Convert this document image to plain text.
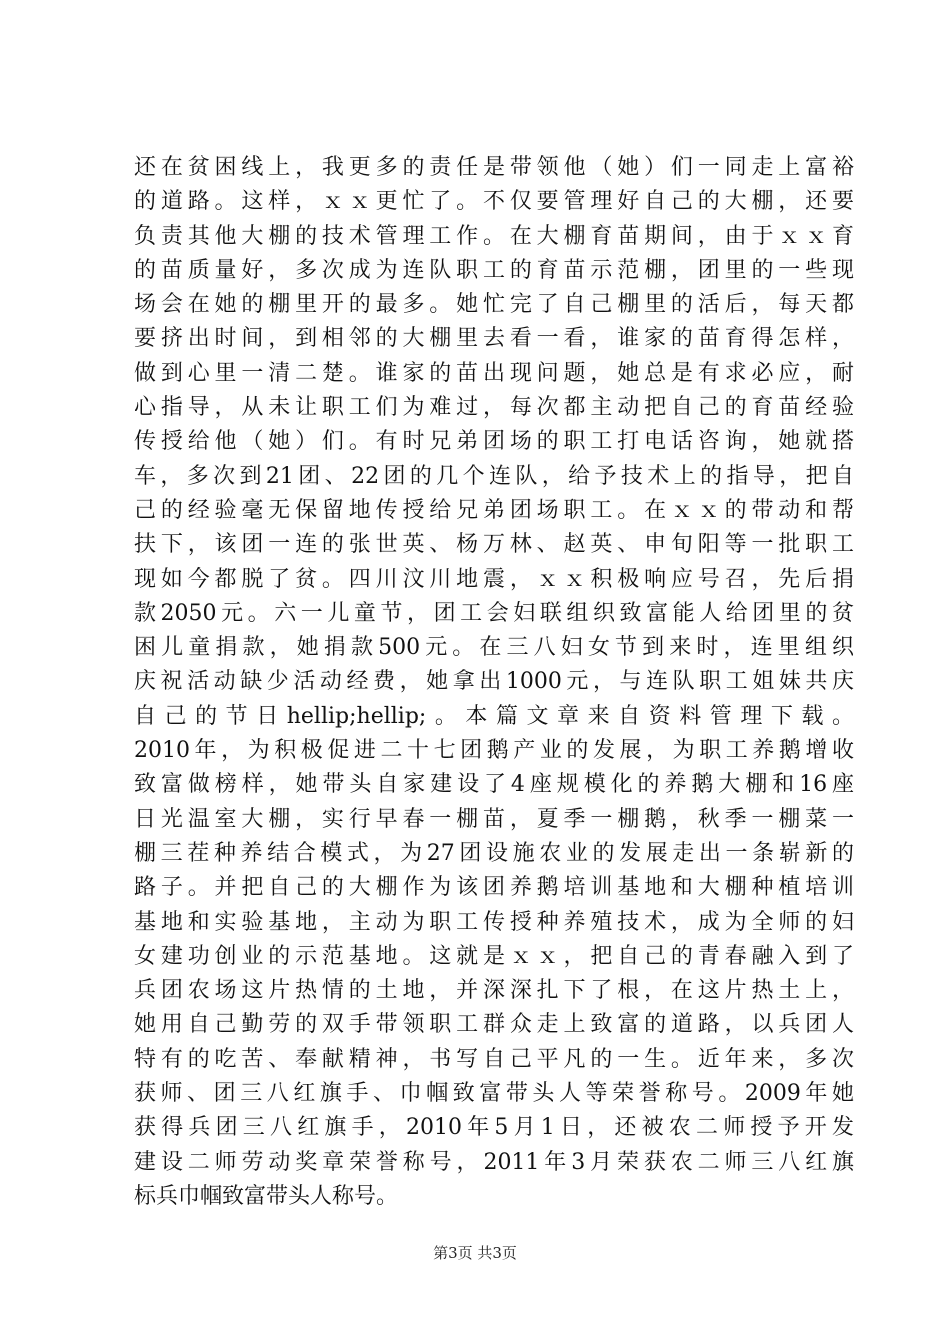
还在贫困线上，我更多的责任是带领他（她）们一同走上富裕
的道路。这样，ｘｘ更忙了。不仅要管理好自己的大棚，还要
负责其他大棚的技术管理工作。在大棚育苗期间，由于ｘｘ育
的苗质量好，多次成为连队职工的育苗示范棚，团里的一些现
场会在她的棚里开的最多。她忙完了自己棚里的活后，每天都
要挤出时间，到相邻的大棚里去看一看，谁家的苗育得怎样，
做到心里一清二楚。谁家的苗出现问题，她总是有求必应，耐
心指导，从未让职工们为难过，每次都主动把自己的育苗经验
传授给他（她）们。有时兄弟团场的职工打电话咨询，她就搭
车，多次到21团、22团的几个连队，给予技术上的指导，把自
己的经验毫无保留地传授给兄弟团场职工。在ｘｘ的带动和帮
扶下，该团一连的张世英、杨万林、赵英、申旬阳等一批职工
现如今都脱了贫。四川汶川地震，ｘｘ积极响应号召，先后捐
款2050元。六一儿童节，团工会妇联组织致富能人给团里的贫
困儿童捐款，她捐款500元。在三八妇女节到来时，连里组织
庆祝活动缺少活动经费，她拿出1000元，与连队职工姐妹共庆
自己的节日hellip;hellip;。本篇文章来自资料管理下载。
2010年，为积极促进二十七团鹅产业的发展，为职工养鹅增收
致富做榜样，她带头自家建设了4座规模化的养鹅大棚和16座
日光温室大棚，实行早春一棚苗，夏季一棚鹅，秋季一棚菜一
棚三茬种养结合模式，为27团设施农业的发展走出一条崭新的
路子。并把自己的大棚作为该团养鹅培训基地和大棚种植培训
基地和实验基地，主动为职工传授种养殖技术，成为全师的妇
女建功创业的示范基地。这就是ｘｘ，把自己的青春融入到了
兵团农场这片热情的土地，并深深扎下了根，在这片热土上，
她用自己勤劳的双手带领职工群众走上致富的道路，以兵团人
特有的吃苦、奉献精神，书写自己平凡的一生。近年来，多次
获师、团三八红旗手、巾帼致富带头人等荣誉称号。2009年她
获得兵团三八红旗手，2010年5月1日，还被农二师授予开发
建设二师劳动奖章荣誉称号，2011年3月荣获农二师三八红旗
标兵巾帼致富带头人称号。
第3页 共3页
